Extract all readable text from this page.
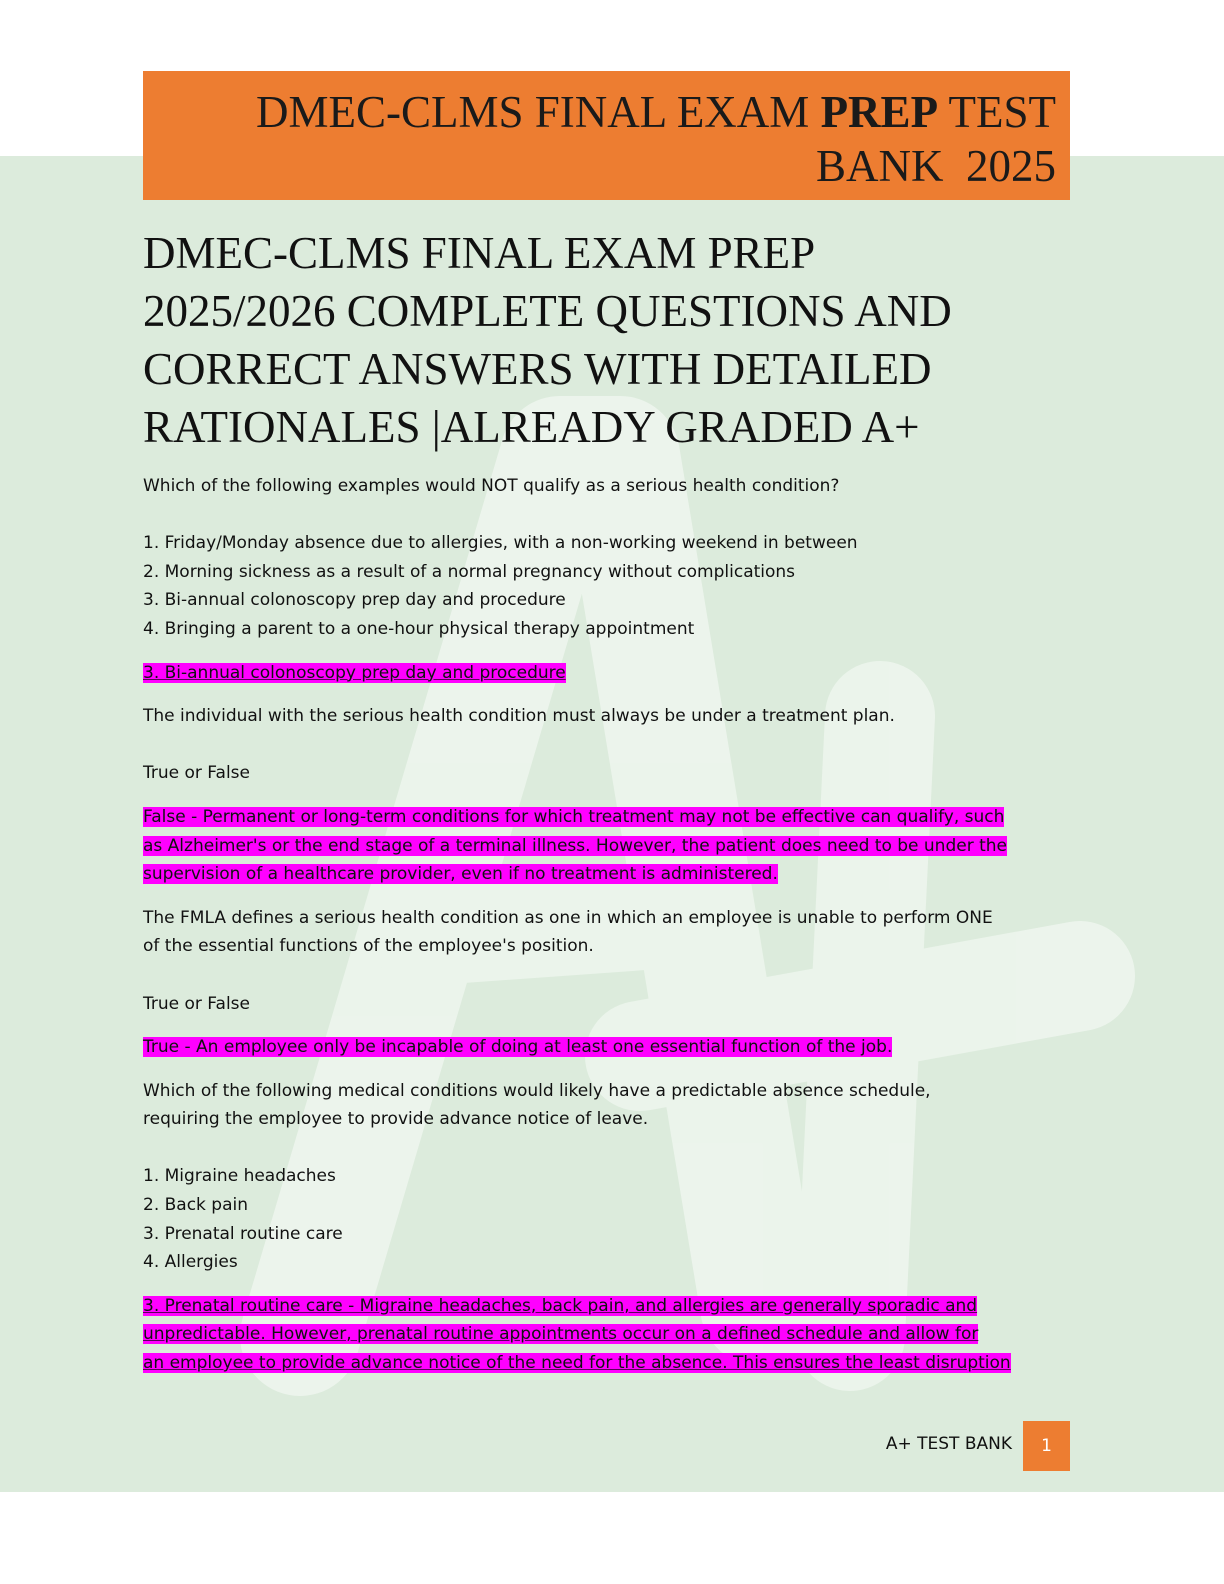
DMEC-CLMS FINAL EXAM PREP TEST
BANK  2025
DMEC-CLMS FINAL EXAM PREP
2025/2026 COMPLETE QUESTIONS AND
CORRECT ANSWERS WITH DETAILED
RATIONALES |ALREADY GRADED A+

Which of the following examples would NOT qualify as a serious health condition?

1. Friday/Monday absence due to allergies, with a non-working weekend in between

2. Morning sickness as a result of a normal pregnancy without complications

3. Bi-annual colonoscopy prep day and procedure

4. Bringing a parent to a one-hour physical therapy appointment

3. Bi-annual colonoscopy prep day and procedure

The individual with the serious health condition must always be under a treatment plan.

True or False

False - Permanent or long-term conditions for which treatment may not be effective can qualify, such

as Alzheimer's or the end stage of a terminal illness. However, the patient does need to be under the

supervision of a healthcare provider, even if no treatment is administered.

The FMLA defines a serious health condition as one in which an employee is unable to perform ONE

of the essential functions of the employee's position.

True or False

True - An employee only be incapable of doing at least one essential function of the job.

Which of the following medical conditions would likely have a predictable absence schedule,

requiring the employee to provide advance notice of leave.

1. Migraine headaches

2. Back pain

3. Prenatal routine care

4. Allergies

3. Prenatal routine care - Migraine headaches, back pain, and allergies are generally sporadic and

unpredictable. However, prenatal routine appointments occur on a defined schedule and allow for

an employee to provide advance notice of the need for the absence. This ensures the least disruption

A+ TEST BANK	1
